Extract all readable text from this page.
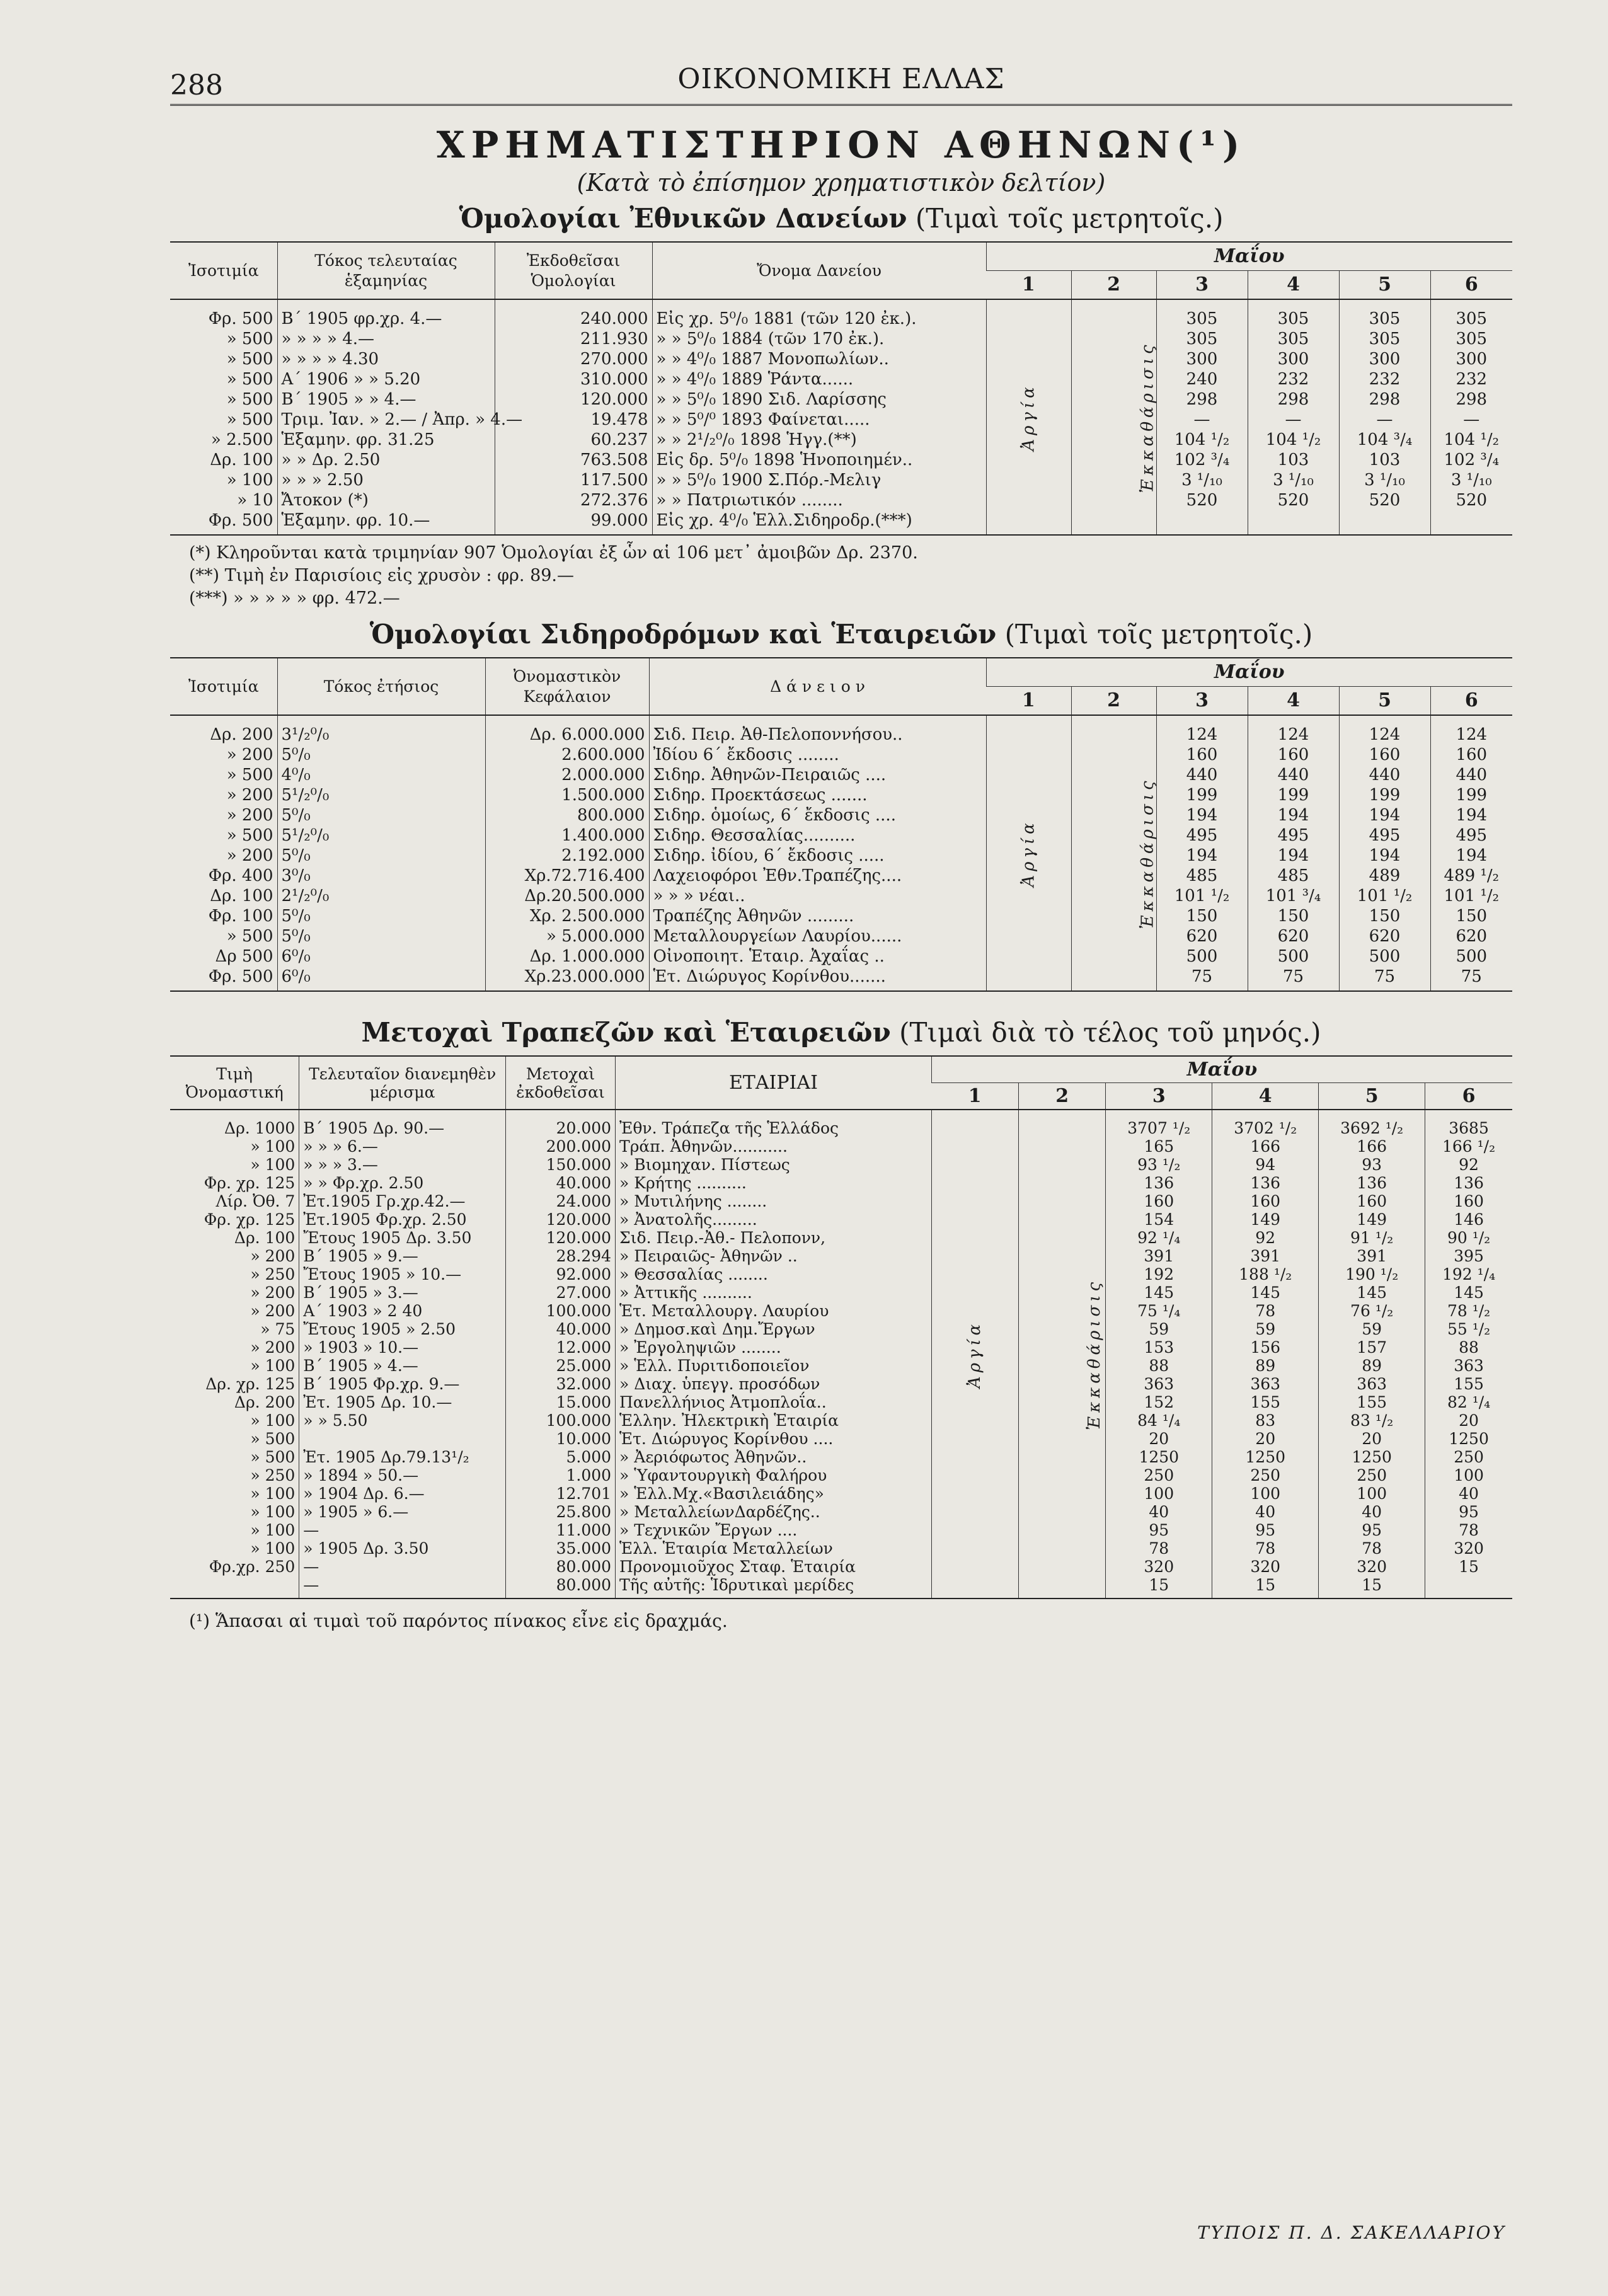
288	ΟΙΚΟΝΟΜΙΚΗ ΕΛΛΑΣ
ΧΡΗΜΑΤΙΣΤΗΡΙΟΝ ΑΘΗΝΩΝ(¹)
(Κατὰ τὸ ἐπίσημον χρηματιστικὸν δελτίον)
Ὁμολογίαι Ἐθνικῶν Δανείων (Τιμαὶ τοῖς μετρητοῖς.)
Ἰσοτιμία	Τόκος τελευταίας ἑξαμηνίας	Ἐκδοθεῖσαι Ὁμολογίαι	Ὄνομα Δανείου	Μαΐου					
				1	2	3	4	5	6
Φρ. 500	Β΄ 1905 φρ.χρ. 4.—	240.000	Εἰς χρ. 5⁰/₀ 1881 (τῶν 120 ἐκ.).	Ἀργία	Ἐκκαθάρισις	305	305	305	305
» 500	» » » » 4.—	211.930	» » 5⁰/₀ 1884 (τῶν 170 ἐκ.).			305	305	305	305
» 500	» » » » 4.30	270.000	» » 4⁰/₀ 1887 Μονοπωλίων..			300	300	300	300
» 500	Α΄ 1906 » » 5.20	310.000	» » 4⁰/₀ 1889 Ῥάντα......			240	232	232	232
» 500	Β΄ 1905 » » 4.—	120.000	» » 5⁰/₀ 1890 Σιδ. Λαρίσσης			298	298	298	298
» 500	Τριμ. Ἰαν. » 2.— / Ἀπρ. » 4.—	19.478	» » 5⁰/⁰ 1893 Φαίνεται.....			—	—	—	—
» 2.500	Ἑξαμην. φρ. 31.25	60.237	» » 2¹/₂⁰/₀ 1898 Ἡγγ.(**)			104 ¹/₂	104 ¹/₂	104 ³/₄	104 ¹/₂
Δρ. 100	» » Δρ. 2.50	763.508	Εἰς δρ. 5⁰/₀ 1898 Ἡνοποιημέν..			102 ³/₄	103	103	102 ³/₄
» 100	» » » 2.50	117.500	» » 5⁰/₀ 1900 Σ.Πόρ.-Μελιγ			3 ¹/₁₀	3 ¹/₁₀	3 ¹/₁₀	3 ¹/₁₀
» 10	Ἄτοκον (*)	272.376	» » Πατριωτικόν ........			520	520	520	520
Φρ. 500	Ἑξαμην. φρ. 10.—	99.000	Εἰς χρ. 4⁰/₀ Ἑλλ.Σιδηροδρ.(***)						
(*) Κληροῦνται κατὰ τριμηνίαν 907 Ὁμολογίαι ἐξ ὧν αἱ 106 μετ᾽ ἀμοιβῶν Δρ. 2370.
(**) Τιμὴ ἐν Παρισίοις εἰς χρυσὸν : φρ. 89.—
(***) » » » » » φρ. 472.—
Ὁμολογίαι Σιδηροδρόμων καὶ Ἑταιρειῶν (Τιμαὶ τοῖς μετρητοῖς.)
Ἰσοτιμία	Τόκος ἐτήσιος	Ὀνομαστικὸν Κεφάλαιον	Δ ά ν ε ι ο ν	Μαΐου					
				1	2	3	4	5	6
Δρ. 200	3¹/₂⁰/₀	Δρ. 6.000.000	Σιδ. Πειρ. Ἀθ-Πελοποννήσου..	Ἀργία	Ἐκκαθάρισις	124	124	124	124
» 200	5⁰/₀	2.600.000	Ἰδίου 6΄ ἔκδοσις ........			160	160	160	160
» 500	4⁰/₀	2.000.000	Σιδηρ. Ἀθηνῶν-Πειραιῶς ....			440	440	440	440
» 200	5¹/₂⁰/₀	1.500.000	Σιδηρ. Προεκτάσεως .......			199	199	199	199
» 200	5⁰/₀	800.000	Σιδηρ. ὁμοίως, 6΄ ἔκδοσις ....			194	194	194	194
» 500	5¹/₂⁰/₀	1.400.000	Σιδηρ. Θεσσαλίας..........			495	495	495	495
» 200	5⁰/₀	2.192.000	Σιδηρ. ἰδίου, 6΄ ἔκδοσις .....			194	194	194	194
Φρ. 400	3⁰/₀	Χρ.72.716.400	Λαχειοφόροι Ἐθν.Τραπέζης....			485	485	489	489 ¹/₂
Δρ. 100	2¹/₂⁰/₀	Δρ.20.500.000	» » » νέαι..			101 ¹/₂	101 ³/₄	101 ¹/₂	101 ¹/₂
Φρ. 100	5⁰/₀	Χρ. 2.500.000	Τραπέζης Ἀθηνῶν .........			150	150	150	150
» 500	5⁰/₀	» 5.000.000	Μεταλλουργείων Λαυρίου......			620	620	620	620
Δρ 500	6⁰/₀	Δρ. 1.000.000	Οἰνοποιητ. Ἑταιρ. Ἀχαΐας ..			500	500	500	500
Φρ. 500	6⁰/₀	Χρ.23.000.000	Ἑτ. Διώρυγος Κορίνθου.......			75	75	75	75
Μετοχαὶ Τραπεζῶν καὶ Ἑταιρειῶν (Τιμαὶ διὰ τὸ τέλος τοῦ μηνός.)
Τιμὴ Ὀνομαστική	Τελευταῖον διανεμηθὲν μέρισμα	Μετοχαὶ ἐκδοθεῖσαι	ΕΤΑΙΡΙΑΙ	Μαΐου					
				1	2	3	4	5	6
Δρ. 1000	Β΄ 1905 Δρ. 90.—	20.000	Ἐθν. Τράπεζα τῆς Ἑλλάδος	Ἀργία	Ἐκκαθάρισις	3707 ¹/₂	3702 ¹/₂	3692 ¹/₂	3685
» 100	» » » 6.—	200.000	Τράπ. Ἀθηνῶν...........			165	166	166	166 ¹/₂
» 100	» » » 3.—	150.000	» Βιομηχαν. Πίστεως			93 ¹/₂	94	93	92
Φρ. χρ. 125	» » Φρ.χρ. 2.50	40.000	» Κρήτης ..........			136	136	136	136
Λίρ. Ὀθ. 7	Ἐτ.1905 Γρ.χρ.42.—	24.000	» Μυτιλήνης ........			160	160	160	160
Φρ. χρ. 125	Ἐτ.1905 Φρ.χρ. 2.50	120.000	» Ἀνατολῆς.........			154	149	149	146
Δρ. 100	Ἔτους 1905 Δρ. 3.50	120.000	Σιδ. Πειρ.-Ἀθ.- Πελοπονν,			92 ¹/₄	92	91 ¹/₂	90 ¹/₂
» 200	Β΄ 1905 » 9.—	28.294	» Πειραιῶς- Ἀθηνῶν ..			391	391	391	395
» 250	Ἔτους 1905 » 10.—	92.000	» Θεσσαλίας ........			192	188 ¹/₂	190 ¹/₂	192 ¹/₄
» 200	Β΄ 1905 » 3.—	27.000	» Ἀττικῆς ..........			145	145	145	145
» 200	Α΄ 1903 » 2 40	100.000	Ἑτ. Μεταλλουργ. Λαυρίου			75 ¹/₄	78	76 ¹/₂	78 ¹/₂
» 75	Ἔτους 1905 » 2.50	40.000	» Δημοσ.καὶ Δημ.Ἔργων			59	59	59	55 ¹/₂
» 200	» 1903 » 10.—	12.000	» Ἐργοληψιῶν ........			153	156	157	88
» 100	Β΄ 1905 » 4.—	25.000	» Ἑλλ. Πυριτιδοποιεῖον			88	89	89	363
Δρ. χρ. 125	Β΄ 1905 Φρ.χρ. 9.—	32.000	» Διαχ. ὑπεγγ. προσόδων			363	363	363	155
Δρ. 200	Ἐτ. 1905 Δρ. 10.—	15.000	Πανελλήνιος Ἀτμοπλοΐα..			152	155	155	82 ¹/₄
» 100	» » 5.50	100.000	Ἑλλην. Ἠλεκτρικὴ Ἑταιρία			84 ¹/₄	83	83 ¹/₂	20
» 500		10.000	Ἑτ. Διώρυγος Κορίνθου ....			20	20	20	1250
» 500	Ἐτ. 1905 Δρ.79.13¹/₂	5.000	» Ἀεριόφωτος Ἀθηνῶν..			1250	1250	1250	250
» 250	» 1894 » 50.—	1.000	» Ὑφαντουργικὴ Φαλήρου			250	250	250	100
» 100	» 1904 Δρ. 6.—	12.701	» Ἑλλ.Μχ.«Βασιλειάδης»			100	100	100	40
» 100	» 1905 » 6.—	25.800	» ΜεταλλείωνΔαρδέζης..			40	40	40	95
» 100	—	11.000	» Τεχνικῶν Ἔργων ....			95	95	95	78
» 100	» 1905 Δρ. 3.50	35.000	Ἑλλ. Ἑταιρία Μεταλλείων			78	78	78	320
Φρ.χρ. 250	—	80.000	Προνομιοῦχος Σταφ. Ἑταιρία			320	320	320	15
	—	80.000	Τῆς αὐτῆς: Ἱδρυτικαὶ μερίδες			15	15	15	
(¹) Ἅπασαι αἱ τιμαὶ τοῦ παρόντος πίνακος εἶνε εἰς δραχμάς.
ΤΥΠΟΙΣ Π. Δ. ΣΑΚΕΛΛΑΡΙΟΥ
